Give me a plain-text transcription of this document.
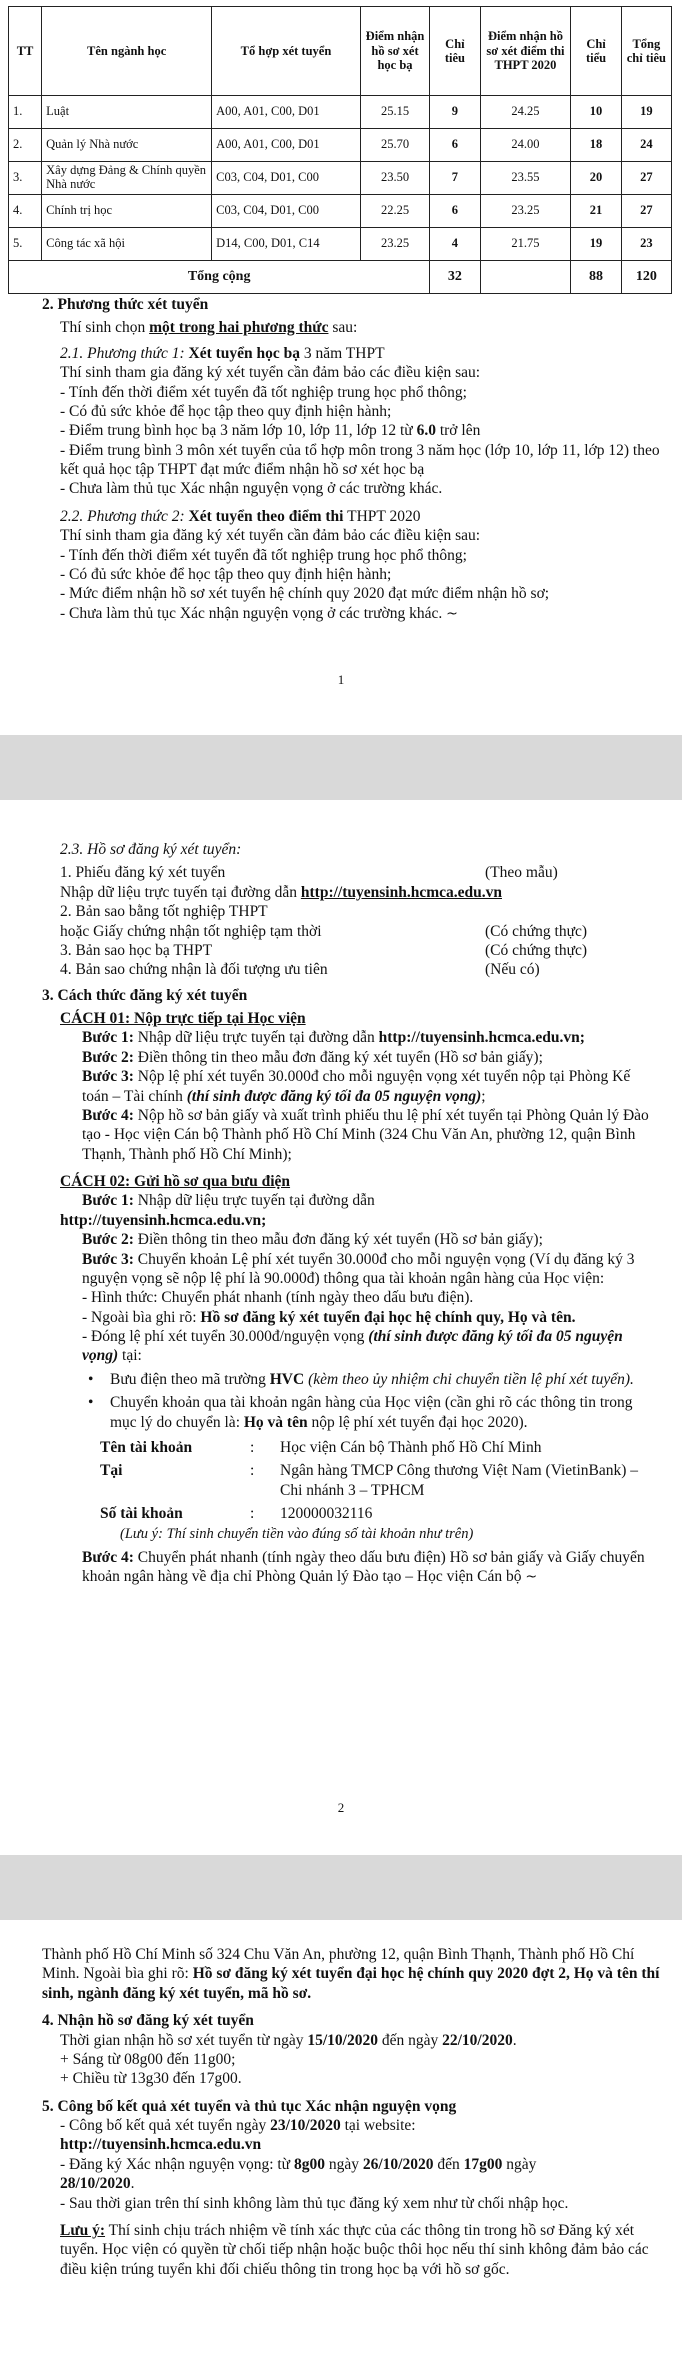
TT	Tên ngành học	Tổ hợp xét tuyển	Điểm nhận hồ sơ xét học bạ	Chỉ tiêu	Điểm nhận hồ sơ xét điểm thi THPT 2020	Chỉ tiểu	Tổng chỉ tiêu
1.	Luật	A00, A01, C00, D01	25.15	9	24.25	10	19
2.	Quản lý Nhà nước	A00, A01, C00, D01	25.70	6	24.00	18	24
3.	Xây dựng Đảng & Chính quyền Nhà nước	C03, C04, D01, C00	23.50	7	23.55	20	27
4.	Chính trị học	C03, C04, D01, C00	22.25	6	23.25	21	27
5.	Công tác xã hội	D14, C00, D01, C14	23.25	4	21.75	19	23
Tổng cộng				32		88	120

2. Phương thức xét tuyển

Thí sinh chọn một trong hai phương thức sau:

2.1. Phương thức 1: Xét tuyển học bạ 3 năm THPT

Thí sinh tham gia đăng ký xét tuyển cần đảm bảo các điều kiện sau:

- Tính đến thời điểm xét tuyển đã tốt nghiệp trung học phổ thông;

- Có đủ sức khỏe để học tập theo quy định hiện hành;

- Điểm trung bình học bạ 3 năm lớp 10, lớp 11, lớp 12 từ 6.0 trở lên

- Điểm trung bình 3 môn xét tuyển của tổ hợp môn trong 3 năm học (lớp 10, lớp 11, lớp 12) theo kết quả học tập THPT đạt mức điểm nhận hồ sơ xét học bạ

- Chưa làm thủ tục Xác nhận nguyện vọng ở các trường khác.

2.2. Phương thức 2: Xét tuyển theo điểm thi THPT 2020

Thí sinh tham gia đăng ký xét tuyển cần đảm bảo các điều kiện sau:

- Tính đến thời điểm xét tuyển đã tốt nghiệp trung học phổ thông;

- Có đủ sức khỏe để học tập theo quy định hiện hành;

- Mức điểm nhận hồ sơ xét tuyển hệ chính quy 2020 đạt mức điểm nhận hồ sơ;

- Chưa làm thủ tục Xác nhận nguyện vọng ở các trường khác. ~

1

2.3. Hồ sơ đăng ký xét tuyển:

1. Phiếu đăng ký xét tuyển	(Theo mẫu)

Nhập dữ liệu trực tuyến tại đường dẫn http://tuyensinh.hcmca.edu.vn

2. Bản sao bằng tốt nghiệp THPT

hoặc Giấy chứng nhận tốt nghiệp tạm thời	(Có chứng thực)
3. Bản sao học bạ THPT	(Có chứng thực)
4. Bản sao chứng nhận là đối tượng ưu tiên	(Nếu có)

3. Cách thức đăng ký xét tuyển

CÁCH 01: Nộp trực tiếp tại Học viện

Bước 1: Nhập dữ liệu trực tuyến tại đường dẫn http://tuyensinh.hcmca.edu.vn;

Bước 2: Điền thông tin theo mẫu đơn đăng ký xét tuyển (Hồ sơ bản giấy);

Bước 3: Nộp lệ phí xét tuyển 30.000đ cho mỗi nguyện vọng xét tuyển nộp tại Phòng Kế toán – Tài chính (thí sinh được đăng ký tối đa 05 nguyện vọng);

Bước 4: Nộp hồ sơ bản giấy và xuất trình phiếu thu lệ phí xét tuyển tại Phòng Quản lý Đào tạo - Học viện Cán bộ Thành phố Hồ Chí Minh (324 Chu Văn An, phường 12, quận Bình Thạnh, Thành phố Hồ Chí Minh);

CÁCH 02: Gửi hồ sơ qua bưu điện

Bước 1: Nhập dữ liệu trực tuyến tại đường dẫn

http://tuyensinh.hcmca.edu.vn;

Bước 2: Điền thông tin theo mẫu đơn đăng ký xét tuyển (Hồ sơ bản giấy);

Bước 3: Chuyển khoản Lệ phí xét tuyển 30.000đ cho mỗi nguyện vọng (Ví dụ đăng ký 3 nguyện vọng sẽ nộp lệ phí là 90.000đ) thông qua tài khoản ngân hàng của Học viện:

- Hình thức: Chuyển phát nhanh (tính ngày theo dấu bưu điện).

- Ngoài bìa ghi rõ: Hồ sơ đăng ký xét tuyển đại học hệ chính quy, Họ và tên.

- Đóng lệ phí xét tuyển 30.000đ/nguyện vọng (thí sinh được đăng ký tối đa 05 nguyện vọng) tại:

•	Bưu điện theo mã trường HVC (kèm theo ủy nhiệm chi chuyển tiền lệ phí xét tuyển).
•	Chuyển khoản qua tài khoản ngân hàng của Học viện (cần ghi rõ các thông tin trong mục lý do chuyển là: Họ và tên nộp lệ phí xét tuyển đại học 2020).
Tên tài khoản	:	Học viện Cán bộ Thành phố Hồ Chí Minh
Tại	:	Ngân hàng TMCP Công thương Việt Nam (VietinBank) – Chi nhánh 3 – TPHCM
Số tài khoản	:	120000032116

(Lưu ý: Thí sinh chuyển tiền vào đúng số tài khoản như trên)

Bước 4: Chuyển phát nhanh (tính ngày theo dấu bưu điện) Hồ sơ bản giấy và Giấy chuyển khoản ngân hàng về địa chỉ Phòng Quản lý Đào tạo – Học viện Cán bộ ~

2

Thành phố Hồ Chí Minh số 324 Chu Văn An, phường 12, quận Bình Thạnh, Thành phố Hồ Chí Minh. Ngoài bìa ghi rõ: Hồ sơ đăng ký xét tuyển đại học hệ chính quy 2020 đợt 2, Họ và tên thí sinh, ngành đăng ký xét tuyển, mã hồ sơ.

4. Nhận hồ sơ đăng ký xét tuyển

Thời gian nhận hồ sơ xét tuyển từ ngày 15/10/2020 đến ngày 22/10/2020.

+ Sáng từ 08g00 đến 11g00;

+ Chiều từ 13g30 đến 17g00.

5. Công bố kết quả xét tuyển và thủ tục Xác nhận nguyện vọng

- Công bố kết quả xét tuyển ngày 23/10/2020 tại website:

http://tuyensinh.hcmca.edu.vn

- Đăng ký Xác nhận nguyện vọng: từ 8g00 ngày 26/10/2020 đến 17g00 ngày

28/10/2020.

- Sau thời gian trên thí sinh không làm thủ tục đăng ký xem như từ chối nhập học.

Lưu ý: Thí sinh chịu trách nhiệm về tính xác thực của các thông tin trong hồ sơ Đăng ký xét tuyển. Học viện có quyền từ chối tiếp nhận hoặc buộc thôi học nếu thí sinh không đảm bảo các điều kiện trúng tuyển khi đối chiếu thông tin trong học bạ với hồ sơ gốc.
